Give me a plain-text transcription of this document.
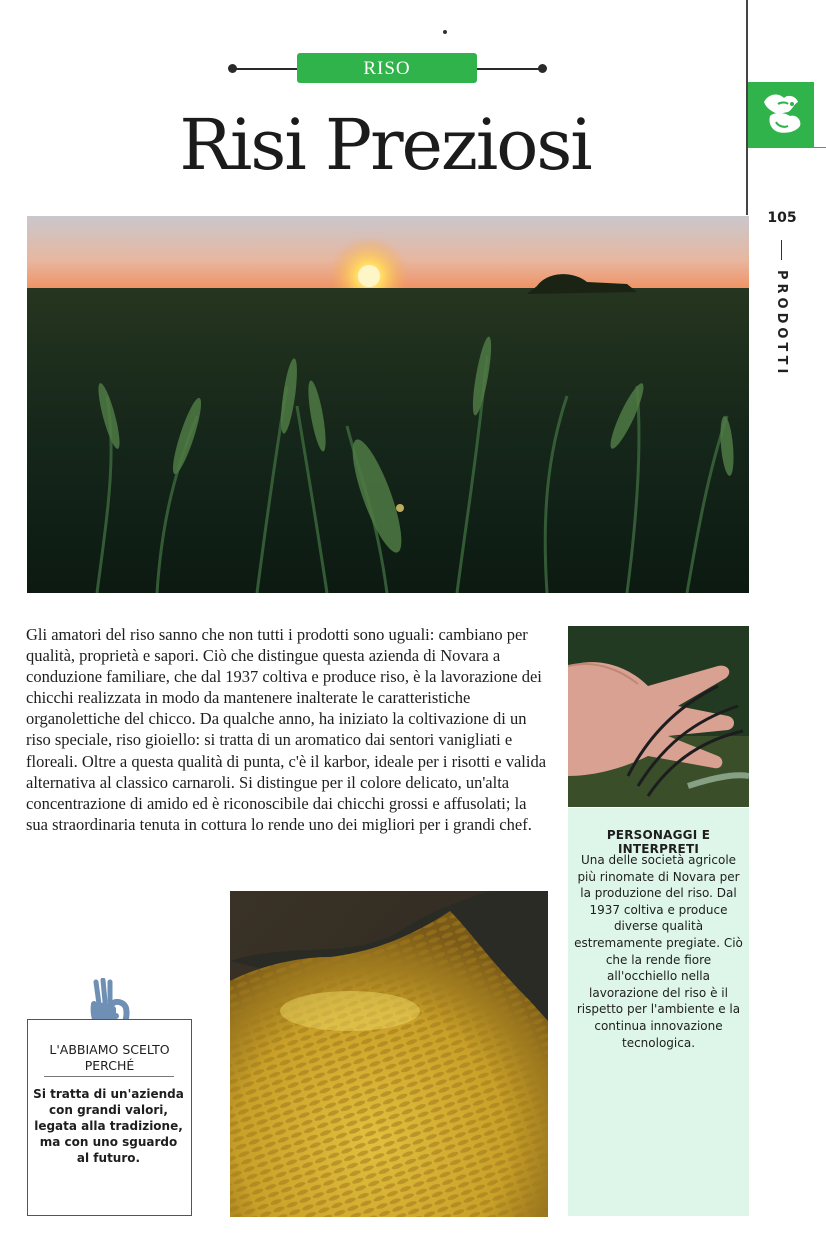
RISO
Risi Preziosi
105
PRODOTTI
Gli amatori del riso sanno che non tutti i prodotti sono uguali: cambiano per qualità, proprietà e sapori. Ciò che distingue questa azienda di Novara a conduzione familiare, che dal 1937 coltiva e produce riso, è la lavorazione dei chicchi realizzata in modo da mantenere inalterate le caratteristiche organolettiche del chicco. Da qualche anno, ha iniziato la coltivazione di un riso speciale, riso gioiello: si tratta di un aromatico dai sentori vanigliati e floreali. Oltre a questa qualità di punta, c'è il karbor, ideale per i risotti e valida alternativa al classico carnaroli. Si distingue per il colore delicato, un'alta concentrazione di amido ed è riconoscibile dai chicchi grossi e affusolati; la sua straordinaria tenuta in cottura lo rende uno dei migliori per i grandi chef.
PERSONAGGI E INTERPRETI
Una delle società agricole più rinomate di Novara per la produzione del riso. Dal 1937 coltiva e produce diverse qualità estremamente pregiate. Ciò che la rende fiore all'occhiello nella lavorazione del riso è il rispetto per l'ambiente e la continua innovazione tecnologica.
L'ABBIAMO SCELTO PERCHÉ
Si tratta di un'azienda con grandi valori, legata alla tradizione, ma con uno sguardo al futuro.
